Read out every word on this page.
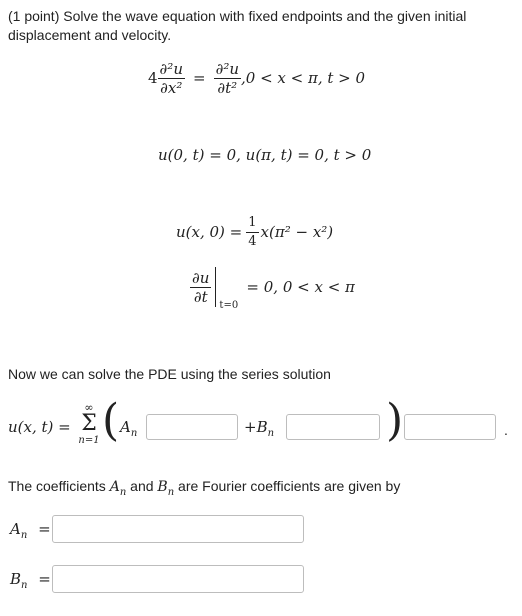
(1 point) Solve the wave equation with fixed endpoints and the given initial
displacement and velocity.
$4 \frac{\text{∂²u}}{\text{∂x²}} = \frac{\text{∂²u}}{\text{∂t²}} ,0 < x < \pi$, t > 0
u(0, t) = 0, u(π, t) = 0, t > 0
u(x, $0) = \frac{1}{4} x(\pi^2 - x^2)$
$\frac{\partial u}{\partial t} t=0$
= 0, 0 < x < π
Now we can solve the PDE using the series solution
u(x, t) =
∞
Σ
n=1 ( $A_n$	$+B_n$	)	.
The coefficients $A_n$ and $B_n$ are Fourier coefficients are given by
$A_n$ =
$B_n$ =
